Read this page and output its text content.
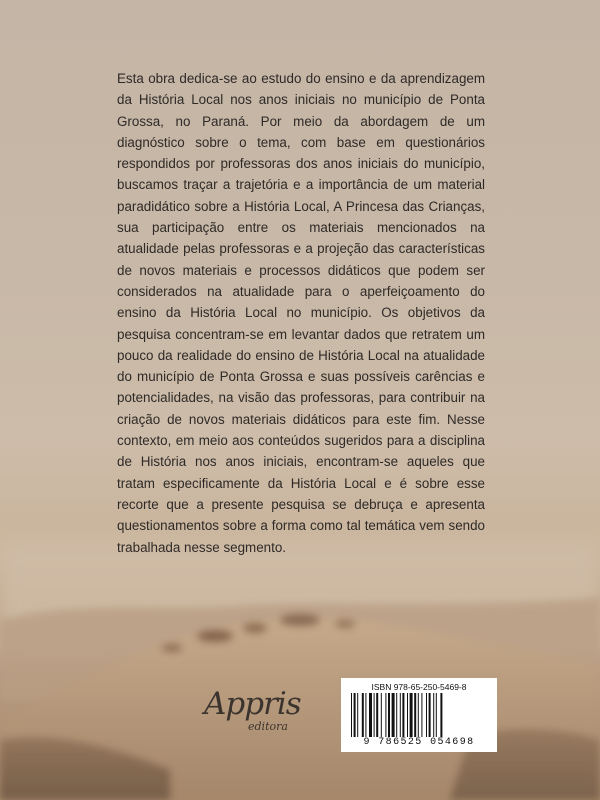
Esta obra dedica-se ao estudo do ensino e da aprendizagem da História Local nos anos iniciais no município de Ponta Grossa, no Paraná. Por meio da abordagem de um diagnóstico sobre o tema, com base em questionários respondidos por professoras dos anos iniciais do município, buscamos traçar a trajetória e a importância de um material paradidático sobre a História Local, A Princesa das Crianças, sua participação entre os materiais mencionados na atualidade pelas professoras e a projeção das características de novos materiais e processos didáticos que podem ser considerados na atualidade para o aperfeiçoamento do ensino da História Local no município. Os objetivos da pesquisa concentram-se em levantar dados que retratem um pouco da realidade do ensino de História Local na atualidade do município de Ponta Grossa e suas possíveis carências e potencialidades, na visão das professoras, para contribuir na criação de novos materiais didáticos para este fim. Nesse contexto, em meio aos conteúdos sugeridos para a disciplina de História nos anos iniciais, encontram-se aqueles que tratam especificamente da História Local e é sobre esse recorte que a presente pesquisa se debruça e apresenta questionamentos sobre a forma como tal temática vem sendo trabalhada nesse segmento.

Appris
editora
ISBN 978-65-250-5469-8
9 786525 054698
